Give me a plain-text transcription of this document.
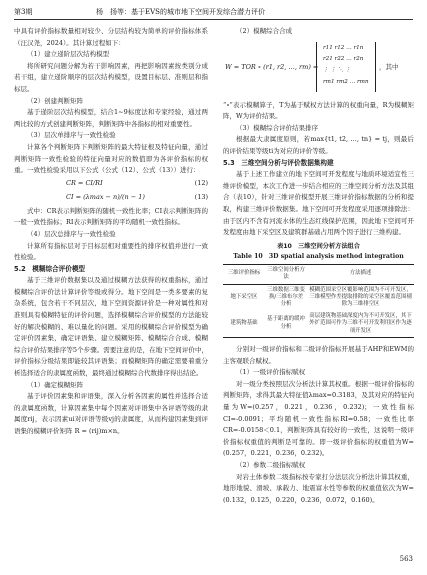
第3期	杨　扬等：基于EVS的城市地下空间开发综合潜力评价

中具有评价指标数量相对较少、分层结构较为简单的评价指标体系（汪汉尧，2024）。其计算过程如下：

（1）建立递阶层次结构模型

将所研究问题分解为若干影响因素，再把影响因素按类别分成若干组，建立递阶顺序的层次结构模型，设置目标层、准则层和指标层。

（2）创建判断矩阵

基于递阶层次结构模型，结合1~9标度法和专家经验，通过两两比较的方式创建判断矩阵，判断矩阵中各指标的相对重要性。

（3）层次单排序与一致性检验

计算各个判断矩阵下判断矩阵的最大特征根及特征向量，通过判断矩阵一致性检验的特征向量对应的数值即为各评价指标的权重。一致性检验采用以下公式（公式（12）、公式（13））进行：

CR = CI/RI	(12)
CI = (λmax − n)/(n − 1)	(13)

式中：CR表示判断矩阵的随机一致性比率；CI表示判断矩阵的一般一致性指标；RI表示判断矩阵的平均随机一致性指标。

（4）层次总排序与一致性检验

计算所有指标层对于目标层相对重要性的排序权值并进行一致性检验。

5.2　模糊综合评价模型

基于三维评价数据集以及通过模糊方法获得的权重指标，通过模糊综合评价法计算评价等级或得分。地下空间是一类多要素的复杂系统，包含若干不同层次，地下空间资源评价是一种对属性和对准则具有模糊特征的评价问题，选择模糊综合评价模型的方法能较好的解决模糊的、难以量化的问题。采用的模糊综合评价模型为确定评价因素集、确定评语集、建立模糊矩阵、模糊综合合成、模糊综合评价结果排序等5个步骤。需要注意的是，在地下空间评价中，评价指标分级结果即能较其评语集；而模糊矩阵的确定需要着重分析选择适合的隶属度函数，最终通过模糊综合代数排序得出结论。

（1）确定模糊矩阵

基于评价因素集和评语集，深入分析各因素的属性并选择合适的隶属度函数，计算因素集中每个因素对评语集中各评语等级的隶属度rij，表示因素ui对评语等级vj的隶属度，从而构建因素集到评语集的模糊评价矩阵 R = (rij)m×n。

（2）模糊综合合成

W = TOR ∘ (r1, r2, …, rm) =
r11 r12 … r1n
r21 r22 … r2n
⋮ ⋮ ⋱ ⋮
rm1 rm2 … rmn
，其中

“∘”表示模糊算子，T为基于赋权方法计算的权重向量，R为模糊矩阵，W为评价结果。

（3）模糊综合评价结果排序

根据最大隶属度原则，若max{t1, t2, …, tn} = tj，则最后的评价结果等级ti为对应的评价等级。

5.3　三维空间分析与评价数据集构建

基于上述工作建立的地下空间可开发程度与地质环境适宜性三维评价模型，本次工作进一步结合相应的三维空间分析方法及其组合（表10），针对三维评价模型开展三维评价指标数据的分析和提取，构建三维评价数据集。地下空间可开发程度采用逐项排除法：由于区内不含有河流水体的生态红线保护范围，因此地下空间可开发程度由地下采空区及建筑群基础占用两个因子进行三维构建。

表10　三维空间分析方法组合

Table 10　3D spatial analysis method integration

三维评价指标	三维空间分析方法	方法描述
地下采空区	三维数据三维变换/三维布尔差分析	模糊范围采空区覆影响范围为不可开发区，三维模型作差提取排除的采空区覆盖范围剔除为三维排空区
建筑物基础	基于距离的缓冲分析	高层建筑物基础深度内为不可开发区，其下外扩范围可作为三维不可开发利用区作为逐项开发区

分别对一级评价指标和二级评价指标开展基于AHP和EWM的主客观联合赋权。

（1）一级评价指标赋权

对一级分类按照层次分析法计算其权重。根据一级评价指标的判断矩阵，求得其最大特征值λmax=0.3183，及其对应的特征向量为W=(0.257，0.221，0.236，0.232)；一致性指标CI=-0.0091；平均随机一致性指标RI=0.58；一致性比率CR=-0.0158＜0.1，判断矩阵具有较好的一致性，这说明一级评价指标权重值的判断是可靠的。即一级评价指标的权重值为W=(0.257，0.221，0.236，0.232)。

（2）参数二级指标赋权

对岩土体参数二级指标按专家打分法层次分析法计算其权重，地形地貌、滑坡、承载力、地震富水性等参数的权重值依次为W=(0.132，0.125，0.220，0.236，0.072，0.160)。

563
